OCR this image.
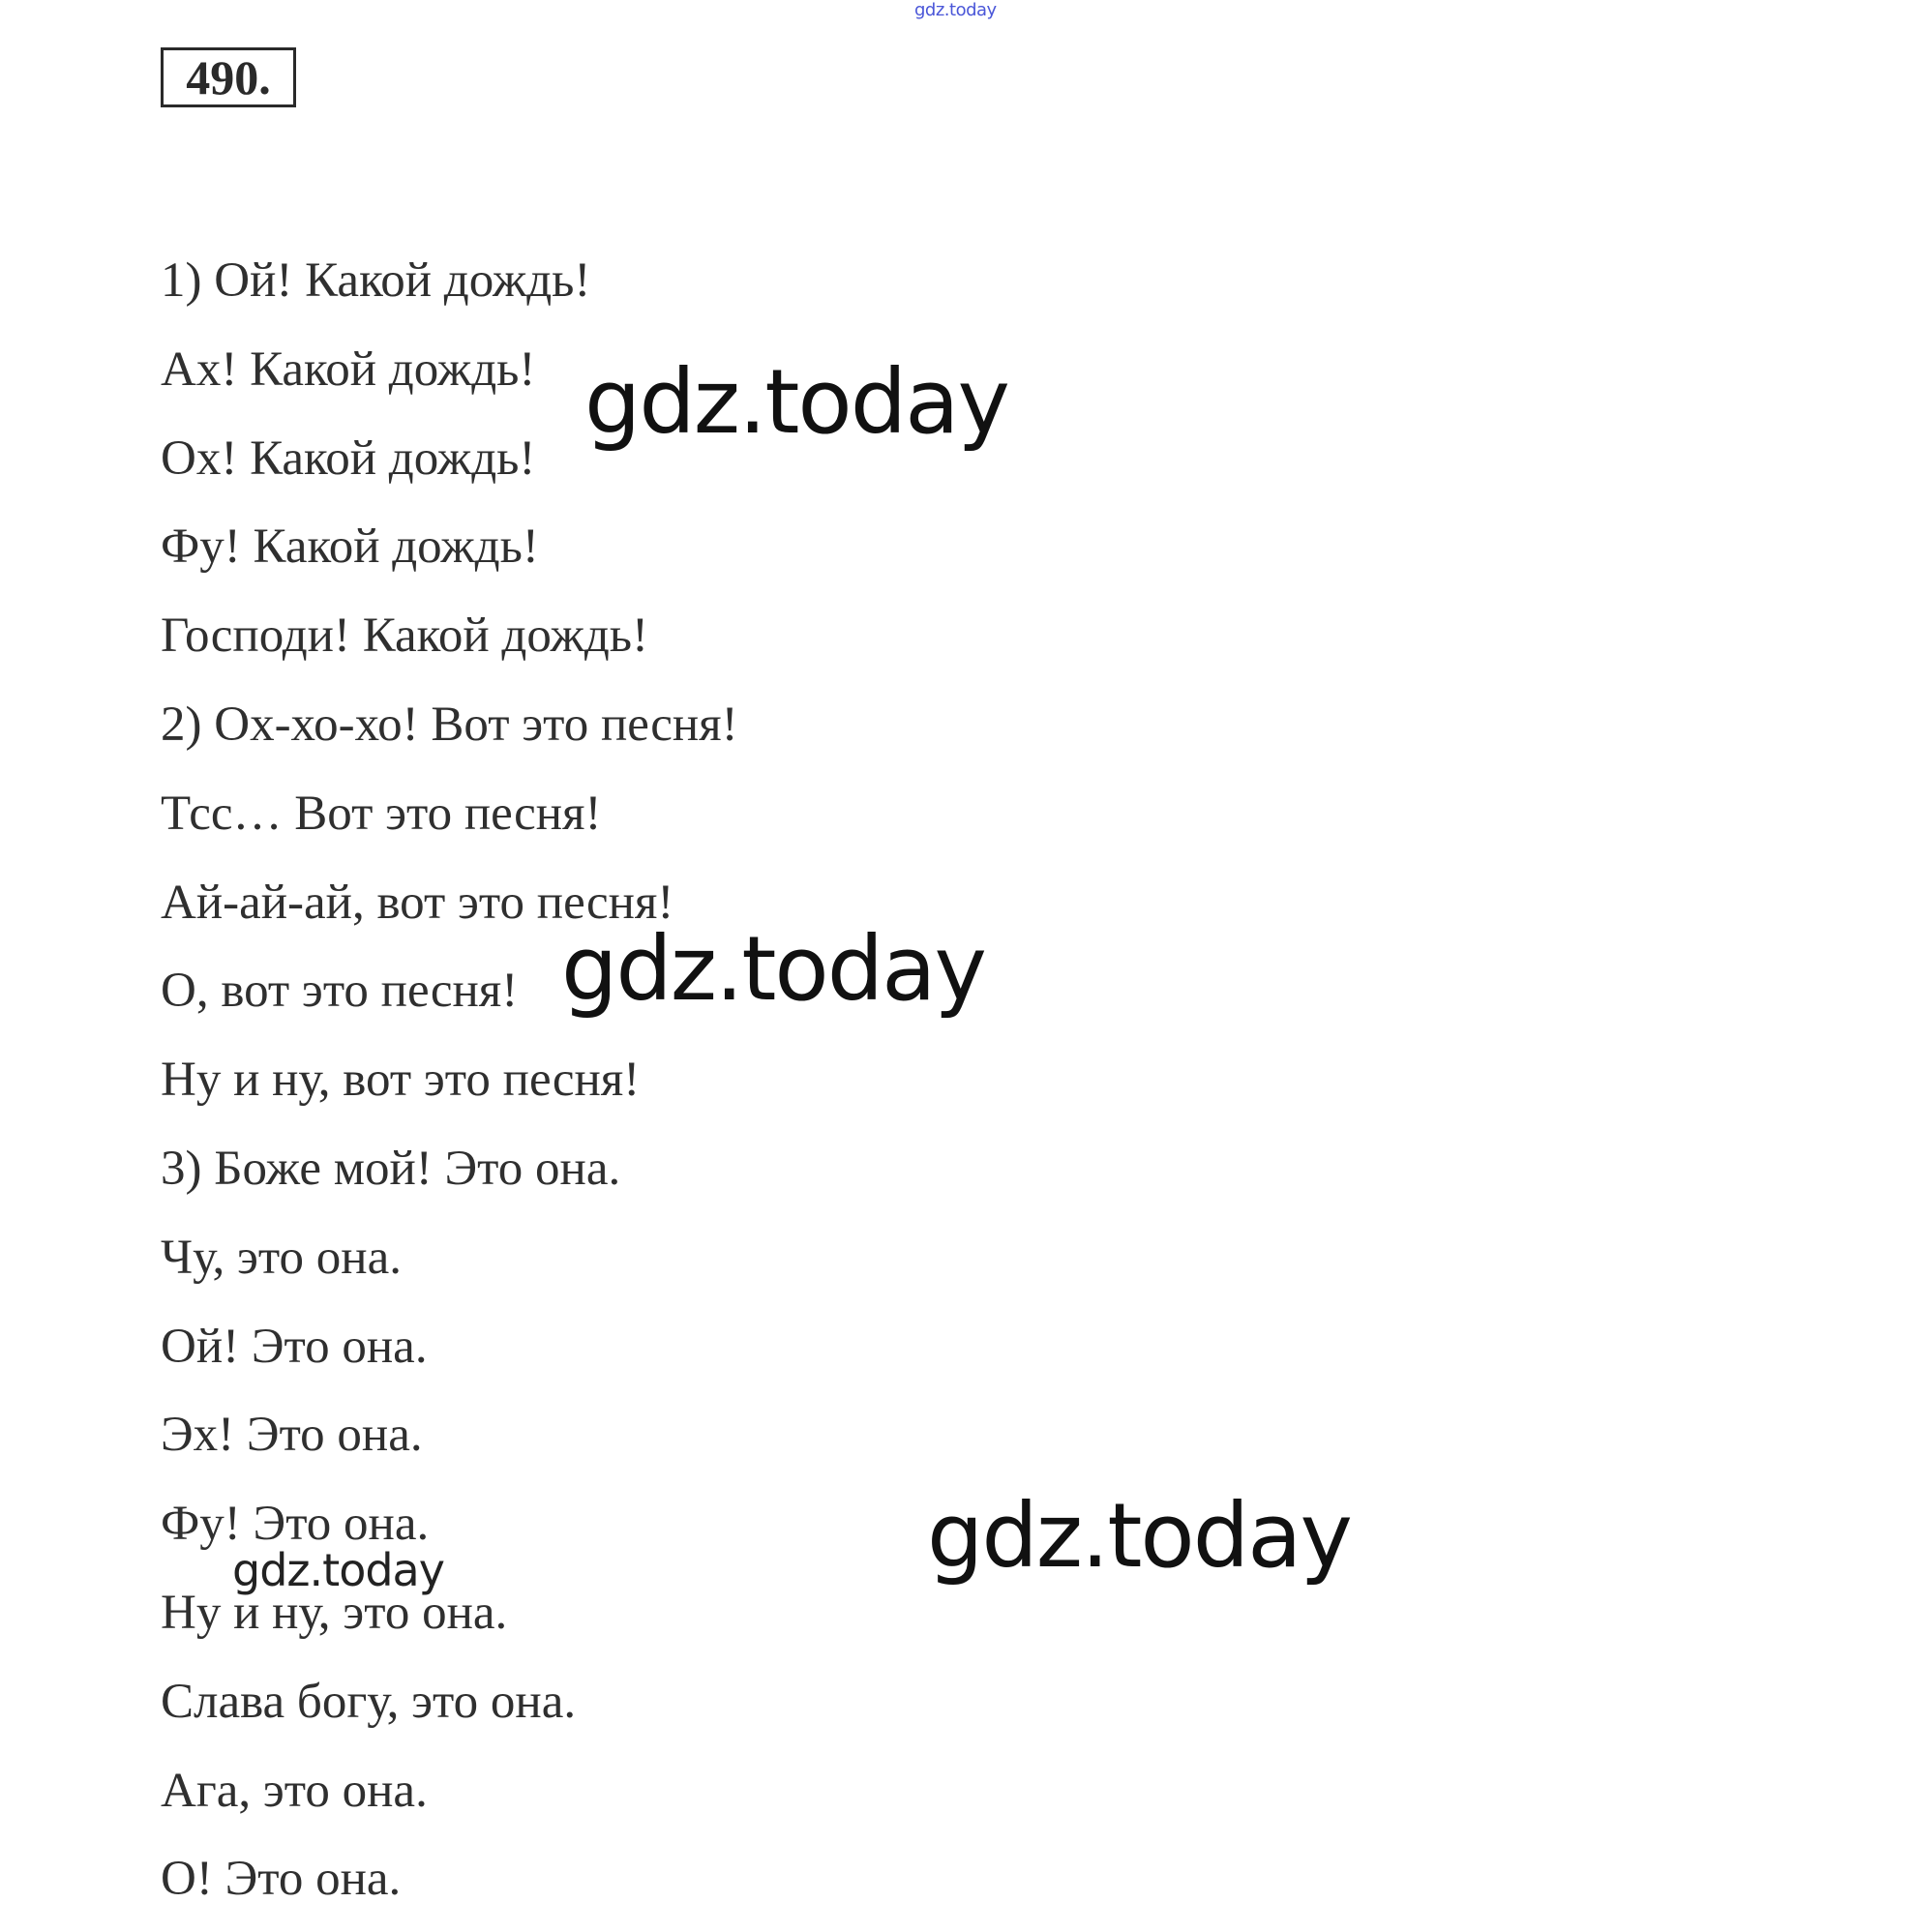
gdz.today
490.
1) Ой! Какой дождь!
Ах! Какой дождь!
Ох! Какой дождь!
Фу! Какой дождь!
Господи! Какой дождь!
2) Ох-хо-хо! Вот это песня!
Тсс… Вот это песня!
Ай-ай-ай, вот это песня!
О, вот это песня!
Ну и ну, вот это песня!
3) Боже мой! Это она.
Чу, это она.
Ой! Это она.
Эх! Это она.
Фу! Это она.
Ну и ну, это она.
Слава богу, это она.
Ага, это она.
О! Это она.
gdz.today
gdz.today
gdz.today
gdz.today
